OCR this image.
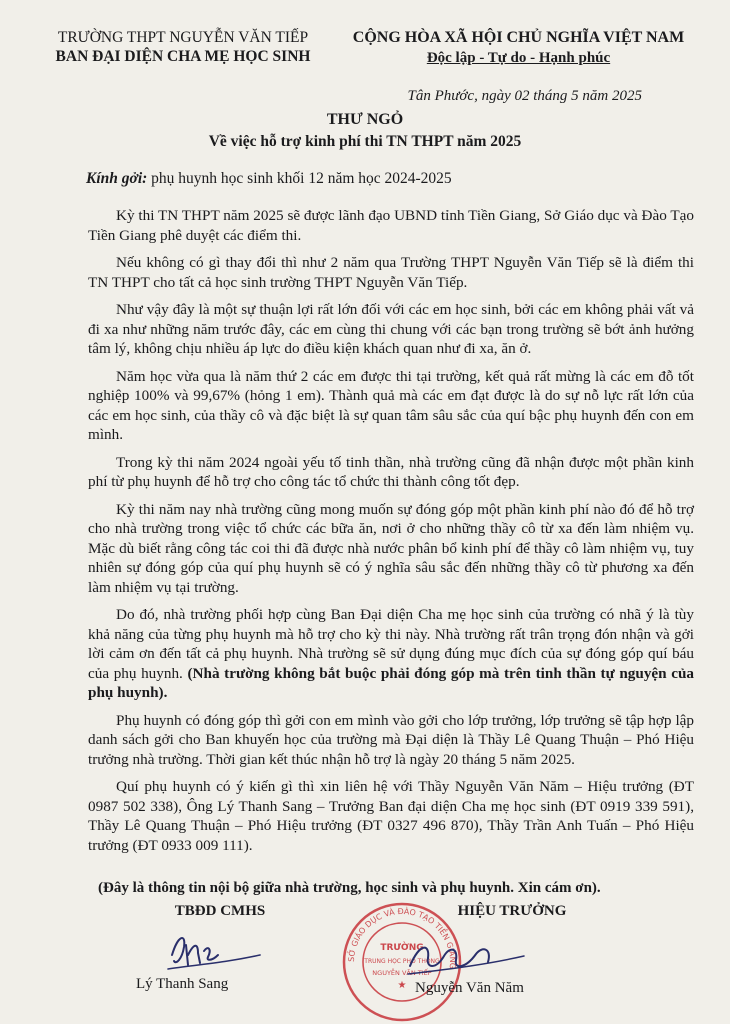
TRƯỜNG THPT NGUYỄN VĂN TIẾP
BAN ĐẠI DIỆN CHA MẸ HỌC SINH
CỘNG HÒA XÃ HỘI CHỦ NGHĨA VIỆT NAM
Độc lập - Tự do - Hạnh phúc
Tân Phước, ngày 02 tháng 5 năm 2025
THƯ NGỎ
Về việc hỗ trợ kinh phí thi TN THPT năm 2025
Kính gởi: phụ huynh học sinh khối 12 năm học 2024-2025

Kỳ thi TN THPT năm 2025 sẽ được lãnh đạo UBND tỉnh Tiền Giang, Sở Giáo dục và Đào Tạo Tiền Giang phê duyệt các điểm thi.

Nếu không có gì thay đổi thì như 2 năm qua Trường THPT Nguyễn Văn Tiếp sẽ là điểm thi TN THPT cho tất cả học sinh trường THPT Nguyễn Văn Tiếp.

Như vậy đây là một sự thuận lợi rất lớn đối với các em học sinh, bởi các em không phải vất vả đi xa như những năm trước đây, các em cùng thi chung với các bạn trong trường sẽ bớt ảnh hưởng tâm lý, không chịu nhiều áp lực do điều kiện khách quan như đi xa, ăn ở.

Năm học vừa qua là năm thứ 2 các em được thi tại trường, kết quả rất mừng là các em đỗ tốt nghiệp 100% và 99,67% (hỏng 1 em). Thành quả mà các em đạt được là do sự nỗ lực rất lớn của các em học sinh, của thầy cô và đặc biệt là sự quan tâm sâu sắc của quí bậc phụ huynh đến con em mình.

Trong kỳ thi năm 2024 ngoài yếu tố tinh thần, nhà trường cũng đã nhận được một phần kinh phí từ phụ huynh để hỗ trợ cho công tác tổ chức thi thành công tốt đẹp.

Kỳ thi năm nay nhà trường cũng mong muốn sự đóng góp một phần kinh phí nào đó để hỗ trợ cho nhà trường trong việc tổ chức các bữa ăn, nơi ở cho những thầy cô từ xa đến làm nhiệm vụ. Mặc dù biết rằng công tác coi thi đã được nhà nước phân bổ kinh phí để thầy cô làm nhiệm vụ, tuy nhiên sự đóng góp của quí phụ huynh sẽ có ý nghĩa sâu sắc đến những thầy cô từ phương xa đến làm nhiệm vụ tại trường.

Do đó, nhà trường phối hợp cùng Ban Đại diện Cha mẹ học sinh của trường có nhã ý là tùy khả năng của từng phụ huynh mà hỗ trợ cho kỳ thi này. Nhà trường rất trân trọng đón nhận và gởi lời cảm ơn đến tất cả phụ huynh. Nhà trường sẽ sử dụng đúng mục đích của sự đóng góp quí báu của phụ huynh. (Nhà trường không bắt buộc phải đóng góp mà trên tinh thần tự nguyện của phụ huynh).

Phụ huynh có đóng góp thì gởi con em mình vào gởi cho lớp trưởng, lớp trưởng sẽ tập hợp lập danh sách gởi cho Ban khuyến học của trường mà Đại diện là Thầy Lê Quang Thuận – Phó Hiệu trưởng nhà trường. Thời gian kết thúc nhận hỗ trợ là ngày 20 tháng 5 năm 2025.

Quí phụ huynh có ý kiến gì thì xin liên hệ với Thầy Nguyễn Văn Năm – Hiệu trưởng (ĐT 0987 502 338), Ông Lý Thanh Sang – Trưởng Ban đại diện Cha mẹ học sinh (ĐT 0919 339 591), Thầy Lê Quang Thuận – Phó Hiệu trưởng (ĐT 0327 496 870), Thầy Trần Anh Tuấn – Phó Hiệu trưởng (ĐT 0933 009 111).

(Đây là thông tin nội bộ giữa nhà trường, học sinh và phụ huynh. Xin cám ơn).
TBĐD CMHS	HIỆU TRƯỞNG
SỞ GIÁO DỤC VÀ ĐÀO TẠO TIỀN GIANG
TRƯỜNG
TRUNG HỌC PHỔ THÔNG
NGUYỄN VĂN TIẾP
★
Lý Thanh Sang	Nguyễn Văn Năm
